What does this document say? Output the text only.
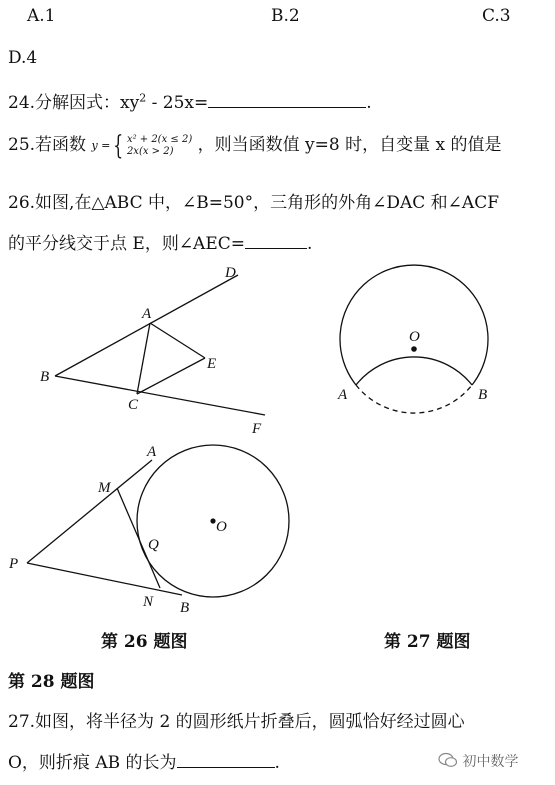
A.1	B.2	C.3
D.4
24.分解因式：$xy^2 - 25x=$	.
25.若函数 y = { x² + 2(x ≤ 2)
2x(x > 2) ，则当函数值 y=8 时，自变量 x 的值是
26.如图,在△ABC 中，∠B=50°，三角形的外角∠DAC 和∠ACF
的平分线交于点 E，则∠AEC=	.
A
B
C
D
E
F
O
A	B
P
M
A
Q
O
N B
第 26 题图	第 27 题图
第 28 题图
27.如图，将半径为 2 的圆形纸片折叠后，圆弧恰好经过圆心
O，则折痕 AB 的长为	.	初中数学
